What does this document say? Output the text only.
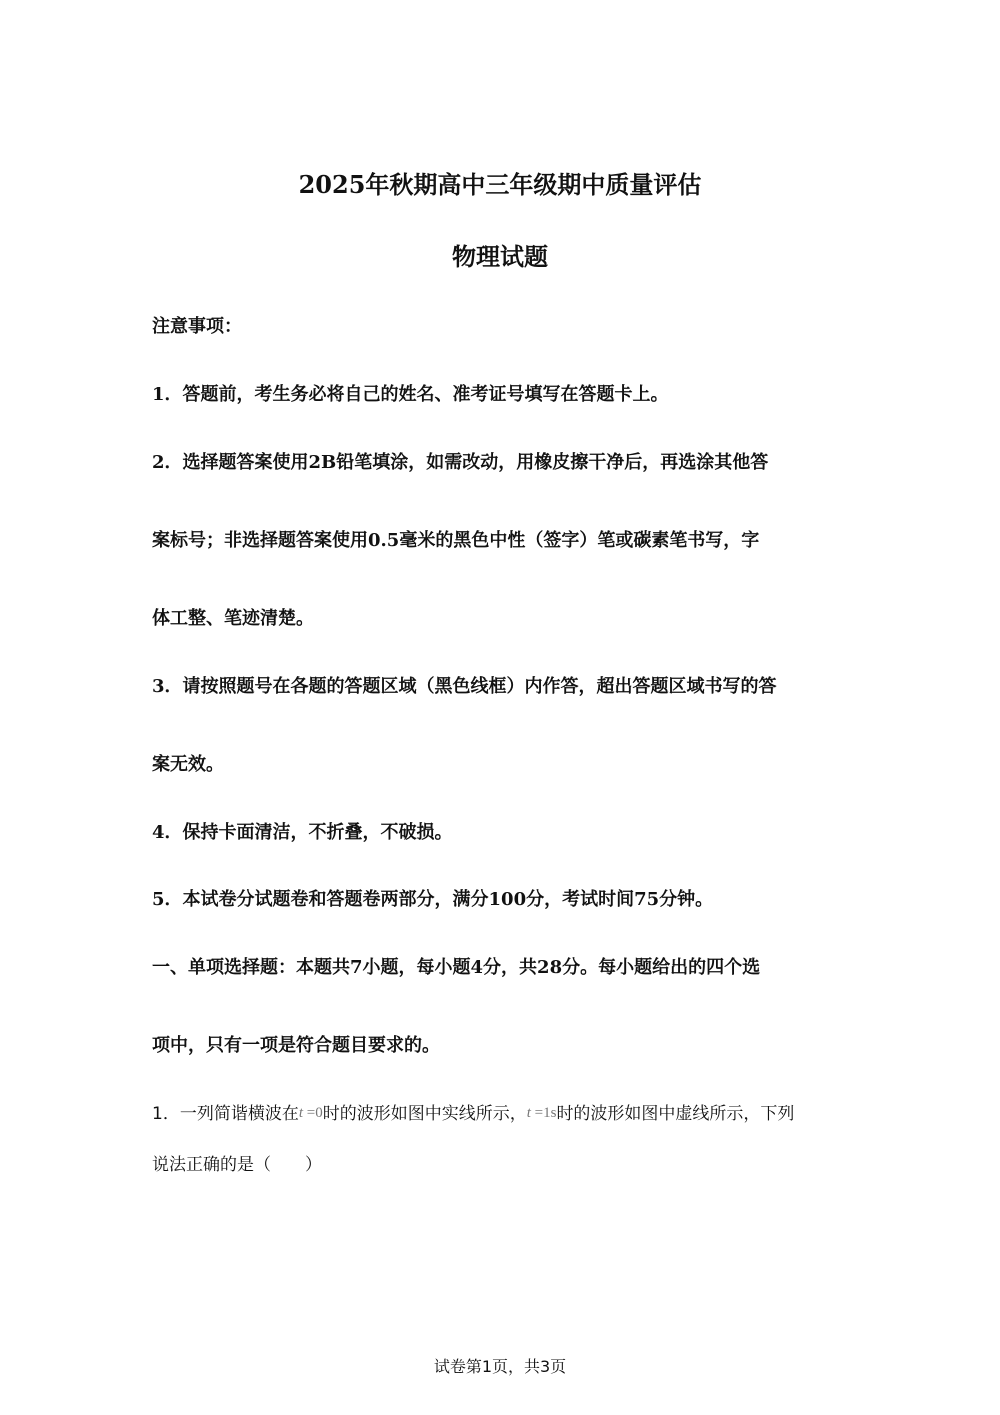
2025年秋期高中三年级期中质量评估
物理试题

注意事项：

1．答题前，考生务必将自己的姓名、准考证号填写在答题卡上。

2．选择题答案使用2B铅笔填涂，如需改动，用橡皮擦干净后，再选涂其他答

案标号；非选择题答案使用0.5毫米的黑色中性（签字）笔或碳素笔书写，字

体工整、笔迹清楚。

3．请按照题号在各题的答题区域（黑色线框）内作答，超出答题区域书写的答

案无效。

4．保持卡面清洁，不折叠，不破损。

5．本试卷分试题卷和答题卷两部分，满分100分，考试时间75分钟。

一、单项选择题：本题共7小题，每小题4分，共28分。每小题给出的四个选

项中，只有一项是符合题目要求的。

1．一列简谐横波在t =0时的波形如图中实线所示，t =1s时的波形如图中虚线所示，下列

说法正确的是（　　）

试卷第1页，共3页
